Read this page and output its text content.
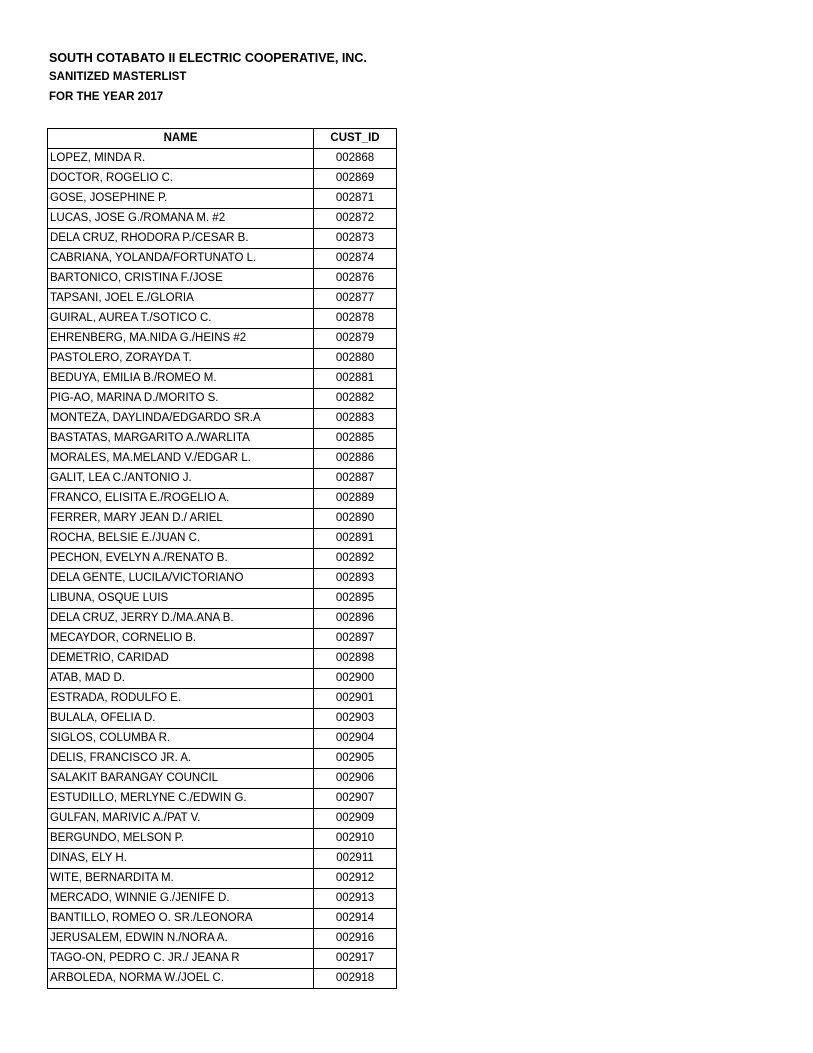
SOUTH COTABATO II ELECTRIC COOPERATIVE, INC.
SANITIZED MASTERLIST
FOR THE YEAR 2017
NAME	CUST_ID
LOPEZ, MINDA R.	002868
DOCTOR, ROGELIO C.	002869
GOSE, JOSEPHINE P.	002871
LUCAS, JOSE G./ROMANA M. #2	002872
DELA CRUZ, RHODORA P./CESAR B.	002873
CABRIANA, YOLANDA/FORTUNATO L.	002874
BARTONICO, CRISTINA F./JOSE	002876
TAPSANI, JOEL E./GLORIA	002877
GUIRAL, AUREA T./SOTICO C.	002878
EHRENBERG, MA.NIDA G./HEINS #2	002879
PASTOLERO, ZORAYDA T.	002880
BEDUYA, EMILIA B./ROMEO M.	002881
PIG-AO, MARINA D./MORITO S.	002882
MONTEZA, DAYLINDA/EDGARDO SR.A	002883
BASTATAS, MARGARITO A./WARLITA	002885
MORALES, MA.MELAND V./EDGAR L.	002886
GALIT, LEA C./ANTONIO J.	002887
FRANCO, ELISITA E./ROGELIO A.	002889
FERRER, MARY JEAN D./ ARIEL	002890
ROCHA, BELSIE E./JUAN C.	002891
PECHON, EVELYN A./RENATO B.	002892
DELA GENTE, LUCILA/VICTORIANO	002893
LIBUNA, OSQUE LUIS	002895
DELA CRUZ, JERRY D./MA.ANA B.	002896
MECAYDOR, CORNELIO B.	002897
DEMETRIO, CARIDAD	002898
ATAB, MAD D.	002900
ESTRADA, RODULFO E.	002901
BULALA, OFELIA D.	002903
SIGLOS, COLUMBA R.	002904
DELIS, FRANCISCO JR. A.	002905
SALAKIT BARANGAY COUNCIL	002906
ESTUDILLO, MERLYNE C./EDWIN G.	002907
GULFAN, MARIVIC A./PAT V.	002909
BERGUNDO, MELSON P.	002910
DINAS, ELY H.	002911
WITE, BERNARDITA M.	002912
MERCADO, WINNIE G./JENIFE D.	002913
BANTILLO, ROMEO O. SR./LEONORA	002914
JERUSALEM, EDWIN N./NORA A.	002916
TAGO-ON, PEDRO C. JR./ JEANA R	002917
ARBOLEDA, NORMA W./JOEL C.	002918
